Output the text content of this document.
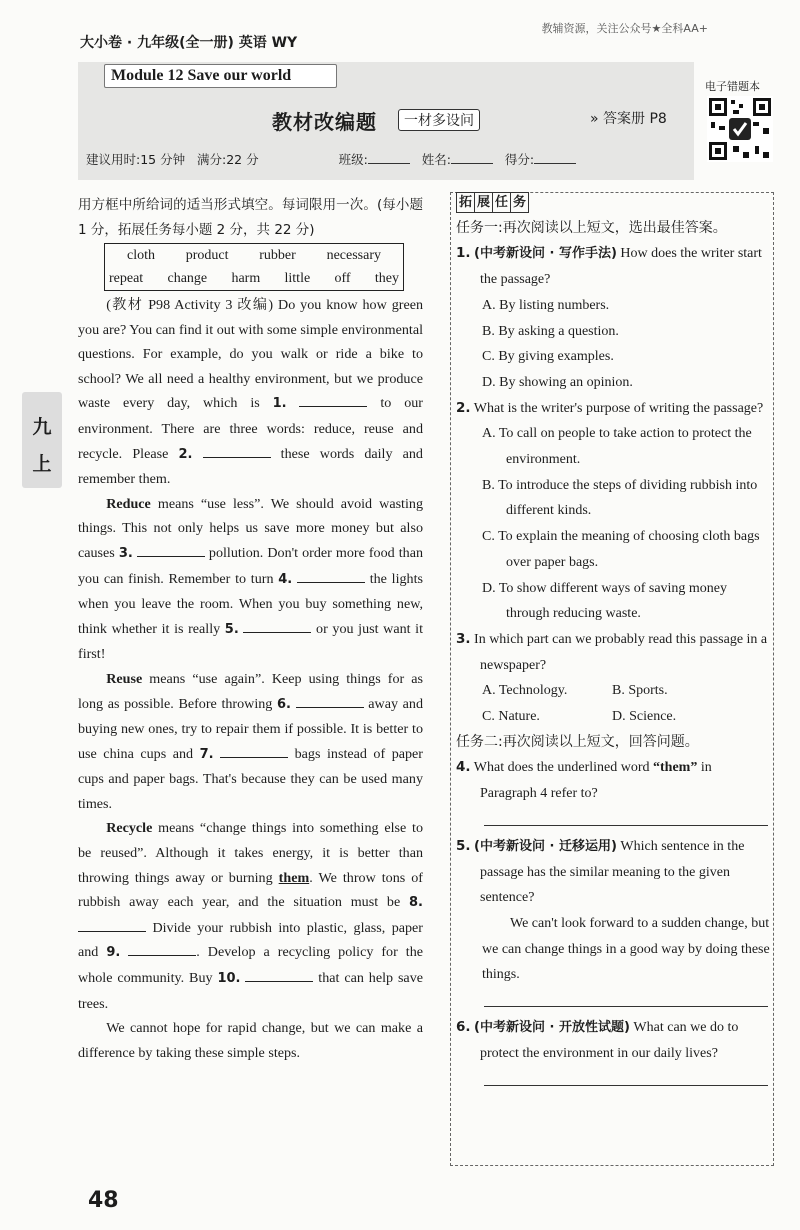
大小卷 · 九年级(全一册) 英语 WY
教辅资源，关注公众号★全科AA+
Module 12 Save our world
教材改编题	一材多设问	» 答案册 P8
建议用时:15 分钟 满分:22 分	班级:	姓名:	得分:
电子错题本
九
上

用方框中所给词的适当形式填空。每词限用一次。(每小题 1 分，拓展任务每小题 2 分，共 22 分)

cloth product rubber necessary
repeat change harm little off they

(教材 P98 Activity 3 改编) Do you know how green you are? You can find it out with some simple environmental questions. For example, do you walk or ride a bike to school? We all need a healthy environment, but we produce waste every day, which is 1.	to our environment. There are three words: reduce, reuse and recycle. Please 2.	these words daily and remember them.

Reduce means “use less”. We should avoid wasting things. This not only helps us save more money but also causes 3.	pollution. Don't order more food than you can finish. Remember to turn 4.	the lights when you leave the room. When you buy something new, think whether it is really 5.	or you just want it first!

Reuse means “use again”. Keep using things for as long as possible. Before throwing 6.	away and buying new ones, try to repair them if possible. It is better to use china cups and 7.	bags instead of paper cups and paper bags. That's because they can be used many times.

Recycle means “change things into something else to be reused”. Although it takes energy, it is better than throwing things away or burning them. We throw tons of rubbish away each year, and the situation must be 8.  Divide your rubbish into plastic, glass, paper and 9.	. Develop a recycling policy for the whole community. Buy 10.	that can help save trees.

We cannot hope for rapid change, but we can make a difference by taking these simple steps.

拓 展 任 务

任务一:再次阅读以上短文，选出最佳答案。

1. (中考新设问 · 写作手法) How does the writer start the passage?

A. By listing numbers.

B. By asking a question.

C. By giving examples.

D. By showing an opinion.

2. What is the writer's purpose of writing the passage?

A. To call on people to take action to protect the environment.

B. To introduce the steps of dividing rubbish into different kinds.

C. To explain the meaning of choosing cloth bags over paper bags.

D. To show different ways of saving money through reducing waste.

3. In which part can we probably read this passage in a newspaper?

A. Technology.	B. Sports.
C. Nature.	D. Science.

任务二:再次阅读以上短文，回答问题。

4. What does the underlined word “them” in Paragraph 4 refer to?

5. (中考新设问 · 迁移运用) Which sentence in the passage has the similar meaning to the given sentence?

We can't look forward to a sudden change, but we can change things in a good way by doing these things.

6. (中考新设问 · 开放性试题) What can we do to protect the environment in our daily lives?

48
